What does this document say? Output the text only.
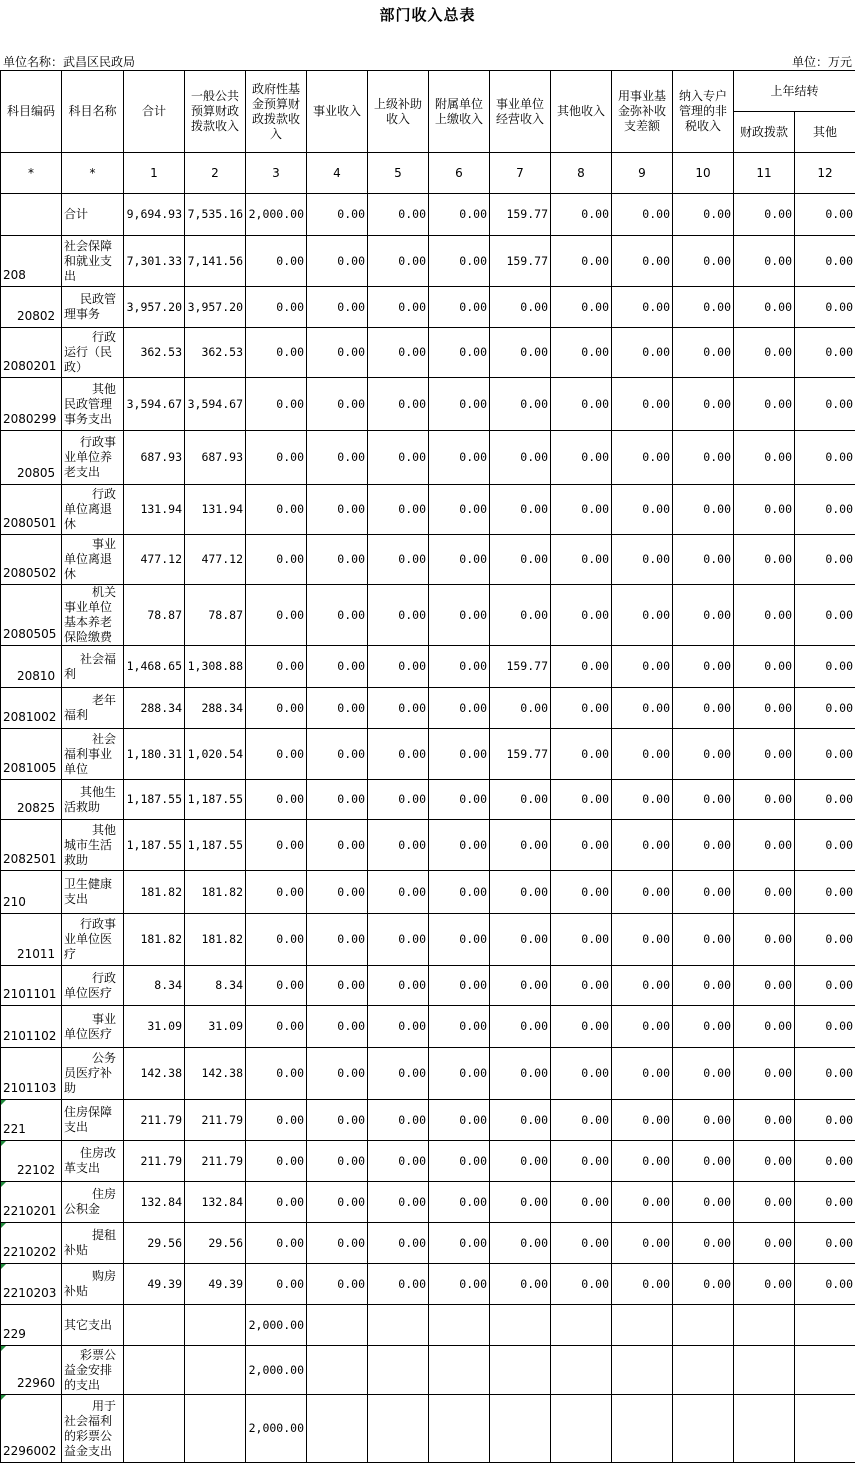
部门收入总表
单位名称：武昌区民政局	单位：万元
科目编码	科目名称	合计	一般公共预算财政拨款收入	政府性基金预算财政拨款收入	事业收入	上级补助收入	附属单位上缴收入	事业单位经营收入	其他收入	用事业基金弥补收支差额	纳入专户管理的非税收入	上年结转	
												财政拨款	其他
*	*	1	2	3	4	5	6	7	8	9	10	11	12
	合计	9,694.93	7,535.16	2,000.00	0.00	0.00	0.00	159.77	0.00	0.00	0.00	0.00	0.00
208	社会保障和就业支出	7,301.33	7,141.56	0.00	0.00	0.00	0.00	159.77	0.00	0.00	0.00	0.00	0.00
20802	民政管理事务	3,957.20	3,957.20	0.00	0.00	0.00	0.00	0.00	0.00	0.00	0.00	0.00	0.00
2080201	行政运行（民政）	362.53	362.53	0.00	0.00	0.00	0.00	0.00	0.00	0.00	0.00	0.00	0.00
2080299	其他民政管理事务支出	3,594.67	3,594.67	0.00	0.00	0.00	0.00	0.00	0.00	0.00	0.00	0.00	0.00
20805	行政事业单位养老支出	687.93	687.93	0.00	0.00	0.00	0.00	0.00	0.00	0.00	0.00	0.00	0.00
2080501	行政单位离退休	131.94	131.94	0.00	0.00	0.00	0.00	0.00	0.00	0.00	0.00	0.00	0.00
2080502	事业单位离退休	477.12	477.12	0.00	0.00	0.00	0.00	0.00	0.00	0.00	0.00	0.00	0.00
2080505	机关事业单位基本养老保险缴费	78.87	78.87	0.00	0.00	0.00	0.00	0.00	0.00	0.00	0.00	0.00	0.00
20810	社会福利	1,468.65	1,308.88	0.00	0.00	0.00	0.00	159.77	0.00	0.00	0.00	0.00	0.00
2081002	老年福利	288.34	288.34	0.00	0.00	0.00	0.00	0.00	0.00	0.00	0.00	0.00	0.00
2081005	社会福利事业单位	1,180.31	1,020.54	0.00	0.00	0.00	0.00	159.77	0.00	0.00	0.00	0.00	0.00
20825	其他生活救助	1,187.55	1,187.55	0.00	0.00	0.00	0.00	0.00	0.00	0.00	0.00	0.00	0.00
2082501	其他城市生活救助	1,187.55	1,187.55	0.00	0.00	0.00	0.00	0.00	0.00	0.00	0.00	0.00	0.00
210	卫生健康支出	181.82	181.82	0.00	0.00	0.00	0.00	0.00	0.00	0.00	0.00	0.00	0.00
21011	行政事业单位医疗	181.82	181.82	0.00	0.00	0.00	0.00	0.00	0.00	0.00	0.00	0.00	0.00
2101101	行政单位医疗	8.34	8.34	0.00	0.00	0.00	0.00	0.00	0.00	0.00	0.00	0.00	0.00
2101102	事业单位医疗	31.09	31.09	0.00	0.00	0.00	0.00	0.00	0.00	0.00	0.00	0.00	0.00
2101103	公务员医疗补助	142.38	142.38	0.00	0.00	0.00	0.00	0.00	0.00	0.00	0.00	0.00	0.00
221	住房保障支出	211.79	211.79	0.00	0.00	0.00	0.00	0.00	0.00	0.00	0.00	0.00	0.00
22102	住房改革支出	211.79	211.79	0.00	0.00	0.00	0.00	0.00	0.00	0.00	0.00	0.00	0.00
2210201	住房公积金	132.84	132.84	0.00	0.00	0.00	0.00	0.00	0.00	0.00	0.00	0.00	0.00
2210202	提租补贴	29.56	29.56	0.00	0.00	0.00	0.00	0.00	0.00	0.00	0.00	0.00	0.00
2210203	购房补贴	49.39	49.39	0.00	0.00	0.00	0.00	0.00	0.00	0.00	0.00	0.00	0.00
229	其它支出			2,000.00									
22960	彩票公益金安排的支出			2,000.00									
2296002	用于社会福利的彩票公益金支出			2,000.00									
